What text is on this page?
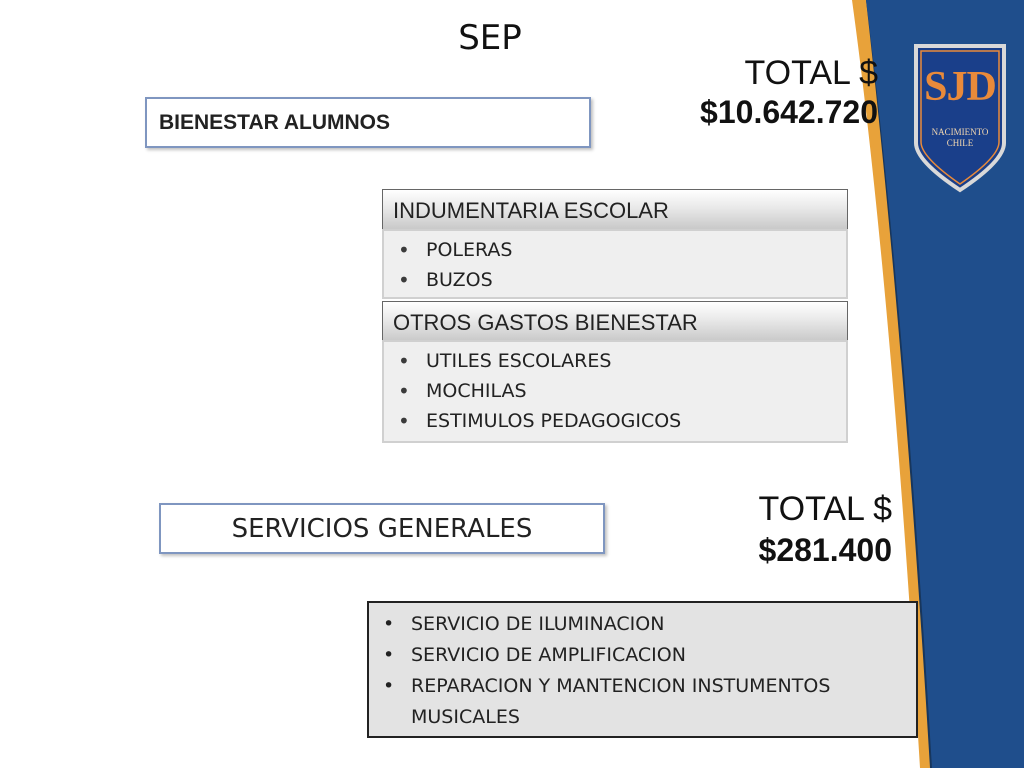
SJD
NACIMIENTO
CHILE
SEP
TOTAL $
$10.642.720
BIENESTAR ALUMNOS
INDUMENTARIA ESCOLAR
• POLERAS
• BUZOS
OTROS GASTOS BIENESTAR
• UTILES ESCOLARES
• MOCHILAS
• ESTIMULOS PEDAGOGICOS
TOTAL $
$281.400
SERVICIOS GENERALES
• SERVICIO DE ILUMINACION
• SERVICIO DE AMPLIFICACION
• REPARACION Y MANTENCION INSTUMENTOS MUSICALES
